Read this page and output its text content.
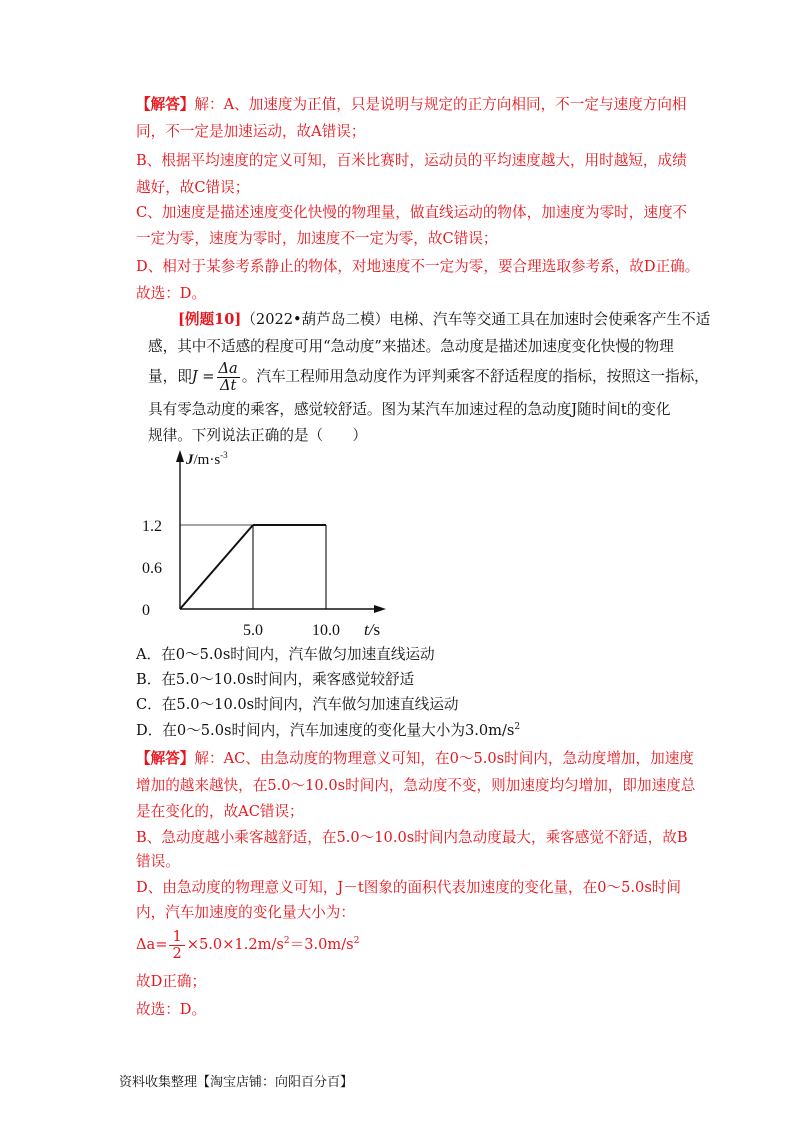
【解答】解：A、加速度为正值，只是说明与规定的正方向相同，不一定与速度方向相
同，不一定是加速运动，故A错误；
B、根据平均速度的定义可知，百米比赛时，运动员的平均速度越大，用时越短，成绩
越好，故C错误；
C、加速度是描述速度变化快慢的物理量，做直线运动的物体，加速度为零时，速度不
一定为零，速度为零时，加速度不一定为零，故C错误；
D、相对于某参考系静止的物体，对地速度不一定为零，要合理选取参考系，故D正确。
故选：D。
[例题10]（2022•葫芦岛二模）电梯、汽车等交通工具在加速时会使乘客产生不适
感，其中不适感的程度可用“急动度”来描述。急动度是描述加速度变化快慢的物理
量，即$J = \frac{\Delta a}{\Delta t}$ 。汽车工程师用急动度作为评判乘客不舒适程度的指标，按照这一指标，
具有零急动度的乘客，感觉较舒适。图为某汽车加速过程的急动度J随时间t的变化
规律。下列说法正确的是（　　）
$J/m\cdot s^{-3}$
1.2
0.6
0
5.0	10.0 t/s
A．在0～5.0s时间内，汽车做匀加速直线运动
B．在5.0～10.0s时间内，乘客感觉较舒适
C．在5.0～10.0s时间内，汽车做匀加速直线运动
D．在0～5.0s时间内，汽车加速度的变化量大小为$3.0m/s^2$
【解答】解：AC、由急动度的物理意义可知，在0～5.0s时间内，急动度增加，加速度
增加的越来越快，在5.0～10.0s时间内，急动度不变，则加速度均匀增加，即加速度总
是在变化的，故AC错误；
B、急动度越小乘客越舒适，在5.0～10.0s时间内急动度最大，乘客感觉不舒适，故B
错误。
D、由急动度的物理意义可知，J－t图象的面积代表加速度的变化量，在0～5.0s时间
内，汽车加速度的变化量大小为：
$\Delta a= \frac{1}{2} \times 5.0\times 1.2m/s^2=3.0m/s^2$
故D正确；
故选：D。
资料收集整理【淘宝店铺：向阳百分百】
